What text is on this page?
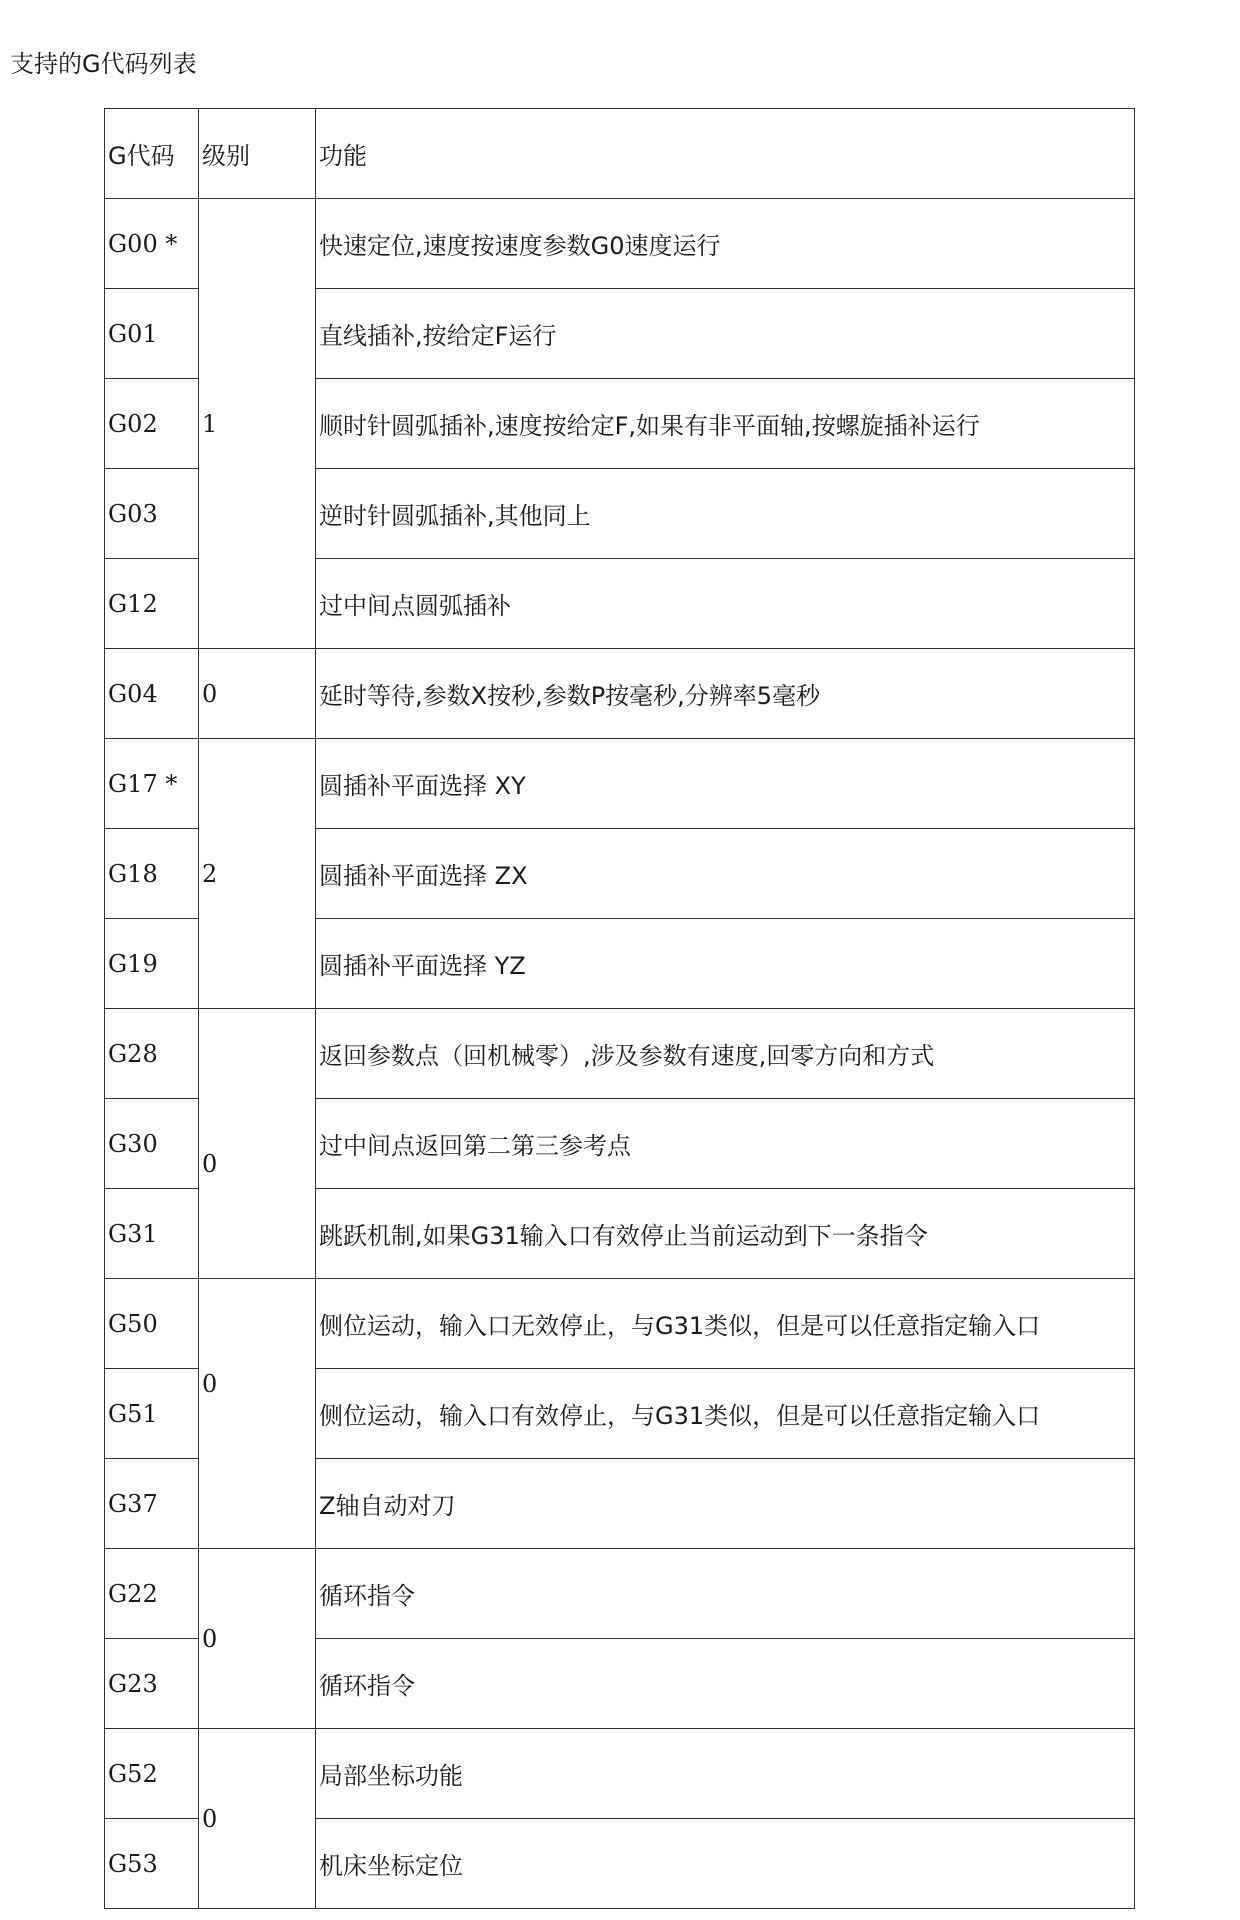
支持的G代码列表
G代码	级别	功能
G00 *	1	快速定位,速度按速度参数G0速度运行
G01		直线插补,按给定F运行
G02		顺时针圆弧插补,速度按给定F,如果有非平面轴,按螺旋插补运行
G03		逆时针圆弧插补,其他同上
G12		过中间点圆弧插补
G04	0	延时等待,参数X按秒,参数P按毫秒,分辨率5毫秒
G17 *	2	圆插补平面选择 XY
G18		圆插补平面选择 ZX
G19		圆插补平面选择 YZ
G28	0	返回参数点（回机械零）,涉及参数有速度,回零方向和方式
G30		过中间点返回第二第三参考点
G31		跳跃机制,如果G31输入口有效停止当前运动到下一条指令
G50	0	侧位运动，输入口无效停止，与G31类似，但是可以任意指定输入口
G51		侧位运动，输入口有效停止，与G31类似，但是可以任意指定输入口
G37		Z轴自动对刀
G22	0	循环指令
G23		循环指令
G52	0	局部坐标功能
G53		机床坐标定位
